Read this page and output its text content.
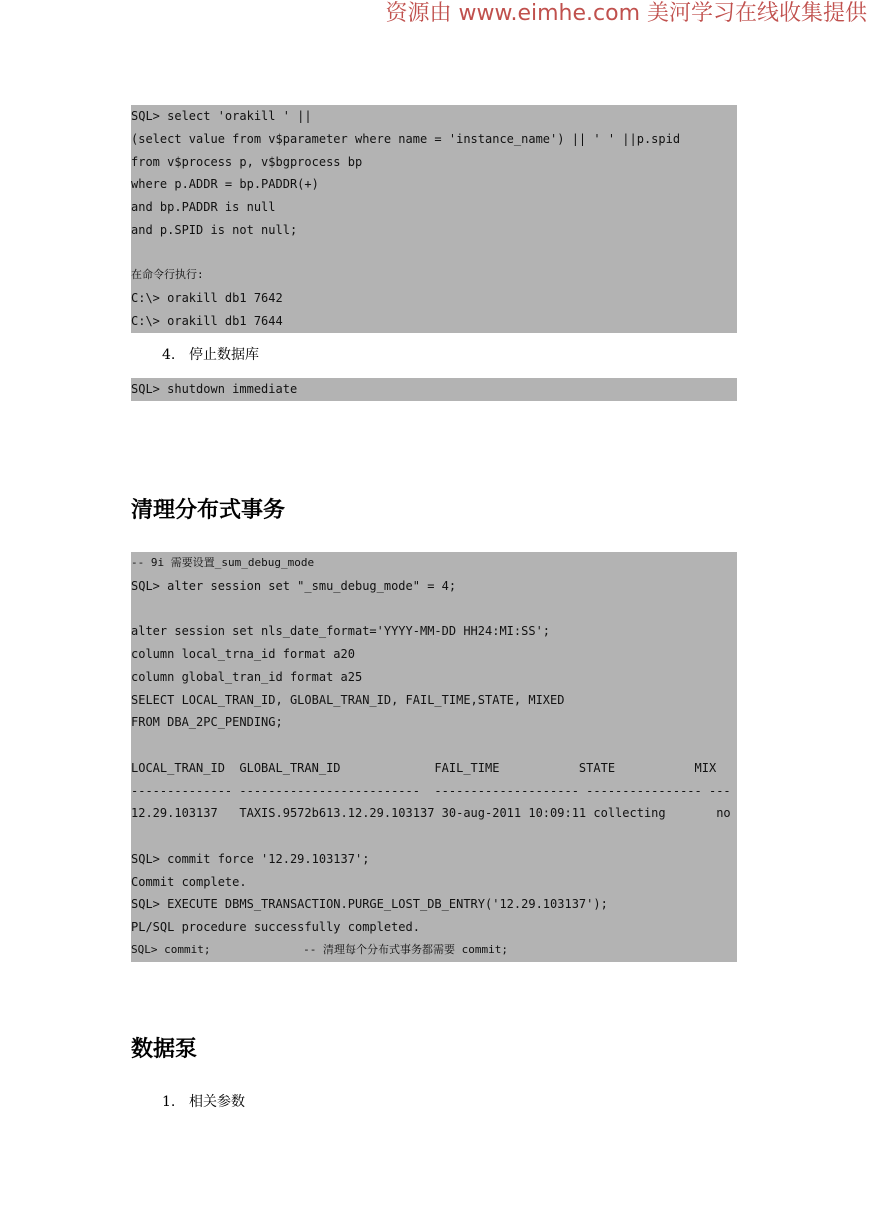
资源由 www.eimhe.com 美河学习在线收集提供
SQL> select 'orakill ' ||
(select value from v$parameter where name = 'instance_name') || ' ' ||p.spid
from v$process p, v$bgprocess bp
where p.ADDR = bp.PADDR(+)
and bp.PADDR is null
and p.SPID is not null;

在命令行执行:
C:\> orakill db1 7642
C:\> orakill db1 7644
4. 停止数据库
SQL> shutdown immediate
清理分布式事务
-- 9i 需要设置_sum_debug_mode
SQL> alter session set "_smu_debug_mode" = 4;

alter session set nls_date_format='YYYY-MM-DD HH24:MI:SS';
column local_trna_id format a20
column global_tran_id format a25
SELECT LOCAL_TRAN_ID, GLOBAL_TRAN_ID, FAIL_TIME,STATE, MIXED
FROM DBA_2PC_PENDING;

LOCAL_TRAN_ID  GLOBAL_TRAN_ID             FAIL_TIME           STATE           MIX
-------------- -------------------------  -------------------- ---------------- ---
12.29.103137   TAXIS.9572b613.12.29.103137 30-aug-2011 10:09:11 collecting       no

SQL> commit force '12.29.103137';
Commit complete.
SQL> EXECUTE DBMS_TRANSACTION.PURGE_LOST_DB_ENTRY('12.29.103137');
PL/SQL procedure successfully completed.
SQL> commit;              -- 清理每个分布式事务都需要 commit;
数据泵
1. 相关参数
